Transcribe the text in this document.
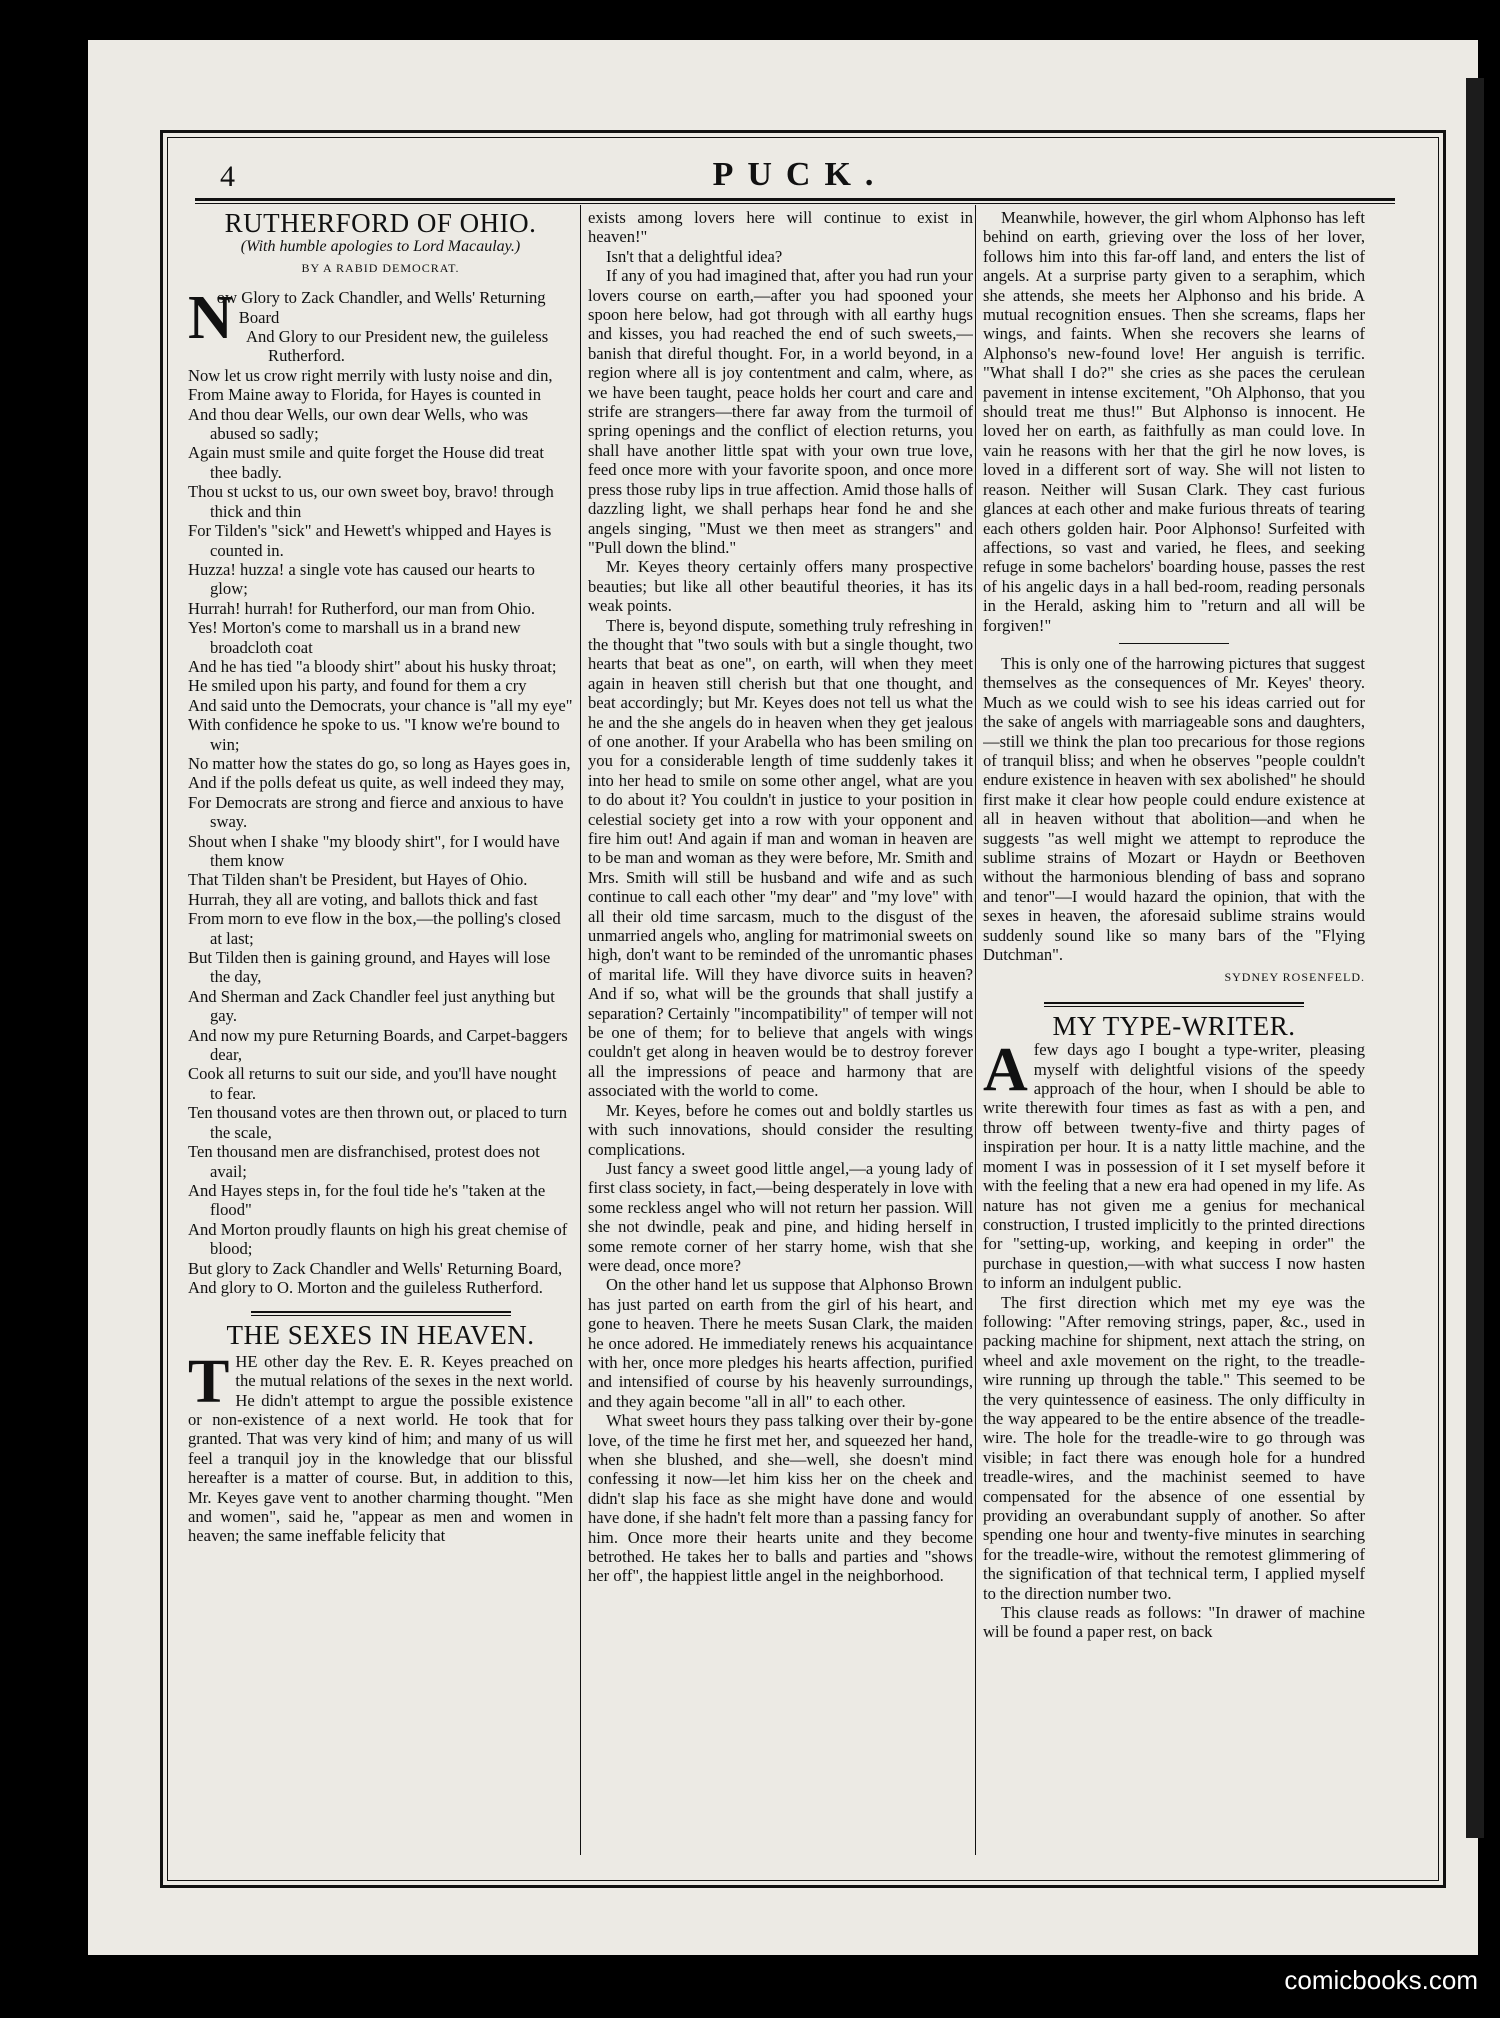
4	PUCK.
RUTHERFORD OF OHIO.
(With humble apologies to Lord Macaulay.)
BY A RABID DEMOCRAT.
N
ow Glory to Zack Chandler, and Wells' Returning Board
And Glory to our President new, the guileless Rutherford.
Now let us crow right merrily with lusty noise and din,
From Maine away to Florida, for Hayes is counted in
And thou dear Wells, our own dear Wells, who was abused so sadly;
Again must smile and quite forget the House did treat thee badly.
Thou st uckst to us, our own sweet boy, bravo! through thick and thin
For Tilden's "sick" and Hewett's whipped and Hayes is counted in.
Huzza! huzza! a single vote has caused our hearts to glow;
Hurrah! hurrah! for Rutherford, our man from Ohio.
Yes! Morton's come to marshall us in a brand new broadcloth coat
And he has tied "a bloody shirt" about his husky throat;
He smiled upon his party, and found for them a cry
And said unto the Democrats, your chance is "all my eye"
With confidence he spoke to us. "I know we're bound to win;
No matter how the states do go, so long as Hayes goes in,
And if the polls defeat us quite, as well indeed they may,
For Democrats are strong and fierce and anxious to have sway.
Shout when I shake "my bloody shirt", for I would have them know
That Tilden shan't be President, but Hayes of Ohio.
Hurrah, they all are voting, and ballots thick and fast
From morn to eve flow in the box,—the polling's closed at last;
But Tilden then is gaining ground, and Hayes will lose the day,
And Sherman and Zack Chandler feel just anything but gay.
And now my pure Returning Boards, and Carpet-baggers dear,
Cook all returns to suit our side, and you'll have nought to fear.
Ten thousand votes are then thrown out, or placed to turn the scale,
Ten thousand men are disfranchised, protest does not avail;
And Hayes steps in, for the foul tide he's "taken at the flood"
And Morton proudly flaunts on high his great chemise of blood;
But glory to Zack Chandler and Wells' Returning Board,
And glory to O. Morton and the guileless Rutherford.
THE SEXES IN HEAVEN.

THE other day the Rev. E. R. Keyes preached on the mutual relations of the sexes in the next world. He didn't attempt to argue the possible existence or non-existence of a next world. He took that for granted. That was very kind of him; and many of us will feel a tranquil joy in the knowledge that our blissful hereafter is a matter of course. But, in addition to this, Mr. Keyes gave vent to another charming thought. "Men and women", said he, "appear as men and women in heaven; the same ineffable felicity that

exists among lovers here will continue to exist in heaven!"

Isn't that a delightful idea?

If any of you had imagined that, after you had run your lovers course on earth,—after you had spooned your spoon here below, had got through with all earthy hugs and kisses, you had reached the end of such sweets,—banish that direful thought. For, in a world beyond, in a region where all is joy contentment and calm, where, as we have been taught, peace holds her court and care and strife are strangers—there far away from the turmoil of spring openings and the conflict of election returns, you shall have another little spat with your own true love, feed once more with your favorite spoon, and once more press those ruby lips in true affection. Amid those halls of dazzling light, we shall perhaps hear fond he and she angels singing, "Must we then meet as strangers" and "Pull down the blind."

Mr. Keyes theory certainly offers many prospective beauties; but like all other beautiful theories, it has its weak points.

There is, beyond dispute, something truly refreshing in the thought that "two souls with but a single thought, two hearts that beat as one", on earth, will when they meet again in heaven still cherish but that one thought, and beat accordingly; but Mr. Keyes does not tell us what the he and the she angels do in heaven when they get jealous of one another. If your Arabella who has been smiling on you for a considerable length of time suddenly takes it into her head to smile on some other angel, what are you to do about it? You couldn't in justice to your position in celestial society get into a row with your opponent and fire him out! And again if man and woman in heaven are to be man and woman as they were before, Mr. Smith and Mrs. Smith will still be husband and wife and as such continue to call each other "my dear" and "my love" with all their old time sarcasm, much to the disgust of the unmarried angels who, angling for matrimonial sweets on high, don't want to be reminded of the unromantic phases of marital life. Will they have divorce suits in heaven? And if so, what will be the grounds that shall justify a separation? Certainly "incompatibility" of temper will not be one of them; for to believe that angels with wings couldn't get along in heaven would be to destroy forever all the impressions of peace and harmony that are associated with the world to come.

Mr. Keyes, before he comes out and boldly startles us with such innovations, should consider the resulting complications.

Just fancy a sweet good little angel,—a young lady of first class society, in fact,—being desperately in love with some reckless angel who will not return her passion. Will she not dwindle, peak and pine, and hiding herself in some remote corner of her starry home, wish that she were dead, once more?

On the other hand let us suppose that Alphonso Brown has just parted on earth from the girl of his heart, and gone to heaven. There he meets Susan Clark, the maiden he once adored. He immediately renews his acquaintance with her, once more pledges his hearts affection, purified and intensified of course by his heavenly surroundings, and they again become "all in all" to each other.

What sweet hours they pass talking over their by-gone love, of the time he first met her, and squeezed her hand, when she blushed, and she—well, she doesn't mind confessing it now—let him kiss her on the cheek and didn't slap his face as she might have done and would have done, if she hadn't felt more than a passing fancy for him. Once more their hearts unite and they become betrothed. He takes her to balls and parties and "shows her off", the happiest little angel in the neighborhood.

Meanwhile, however, the girl whom Alphonso has left behind on earth, grieving over the loss of her lover, follows him into this far-off land, and enters the list of angels. At a surprise party given to a seraphim, which she attends, she meets her Alphonso and his bride. A mutual recognition ensues. Then she screams, flaps her wings, and faints. When she recovers she learns of Alphonso's new-found love! Her anguish is terrific. "What shall I do?" she cries as she paces the cerulean pavement in intense excitement, "Oh Alphonso, that you should treat me thus!" But Alphonso is innocent. He loved her on earth, as faithfully as man could love. In vain he reasons with her that the girl he now loves, is loved in a different sort of way. She will not listen to reason. Neither will Susan Clark. They cast furious glances at each other and make furious threats of tearing each others golden hair. Poor Alphonso! Surfeited with affections, so vast and varied, he flees, and seeking refuge in some bachelors' boarding house, passes the rest of his angelic days in a hall bed-room, reading personals in the Herald, asking him to "return and all will be forgiven!"

This is only one of the harrowing pictures that suggest themselves as the consequences of Mr. Keyes' theory. Much as we could wish to see his ideas carried out for the sake of angels with marriageable sons and daughters,—still we think the plan too precarious for those regions of tranquil bliss; and when he observes "people couldn't endure existence in heaven with sex abolished" he should first make it clear how people could endure existence at all in heaven without that abolition—and when he suggests "as well might we attempt to reproduce the sublime strains of Mozart or Haydn or Beethoven without the harmonious blending of bass and soprano and tenor"—I would hazard the opinion, that with the sexes in heaven, the aforesaid sublime strains would suddenly sound like so many bars of the "Flying Dutchman".

SYDNEY ROSENFELD.
MY TYPE-WRITER.

A few days ago I bought a type-writer, pleasing myself with delightful visions of the speedy approach of the hour, when I should be able to write therewith four times as fast as with a pen, and throw off between twenty-five and thirty pages of inspiration per hour. It is a natty little machine, and the moment I was in possession of it I set myself before it with the feeling that a new era had opened in my life. As nature has not given me a genius for mechanical construction, I trusted implicitly to the printed directions for "setting-up, working, and keeping in order" the purchase in question,—with what success I now hasten to inform an indulgent public.

The first direction which met my eye was the following: "After removing strings, paper, &c., used in packing machine for shipment, next attach the string, on wheel and axle movement on the right, to the treadle-wire running up through the table." This seemed to be the very quintessence of easiness. The only difficulty in the way appeared to be the entire absence of the treadle-wire. The hole for the treadle-wire to go through was visible; in fact there was enough hole for a hundred treadle-wires, and the machinist seemed to have compensated for the absence of one essential by providing an overabundant supply of another. So after spending one hour and twenty-five minutes in searching for the treadle-wire, without the remotest glimmering of the signification of that technical term, I applied myself to the direction number two.

This clause reads as follows: "In drawer of machine will be found a paper rest, on back

comicbooks.com
